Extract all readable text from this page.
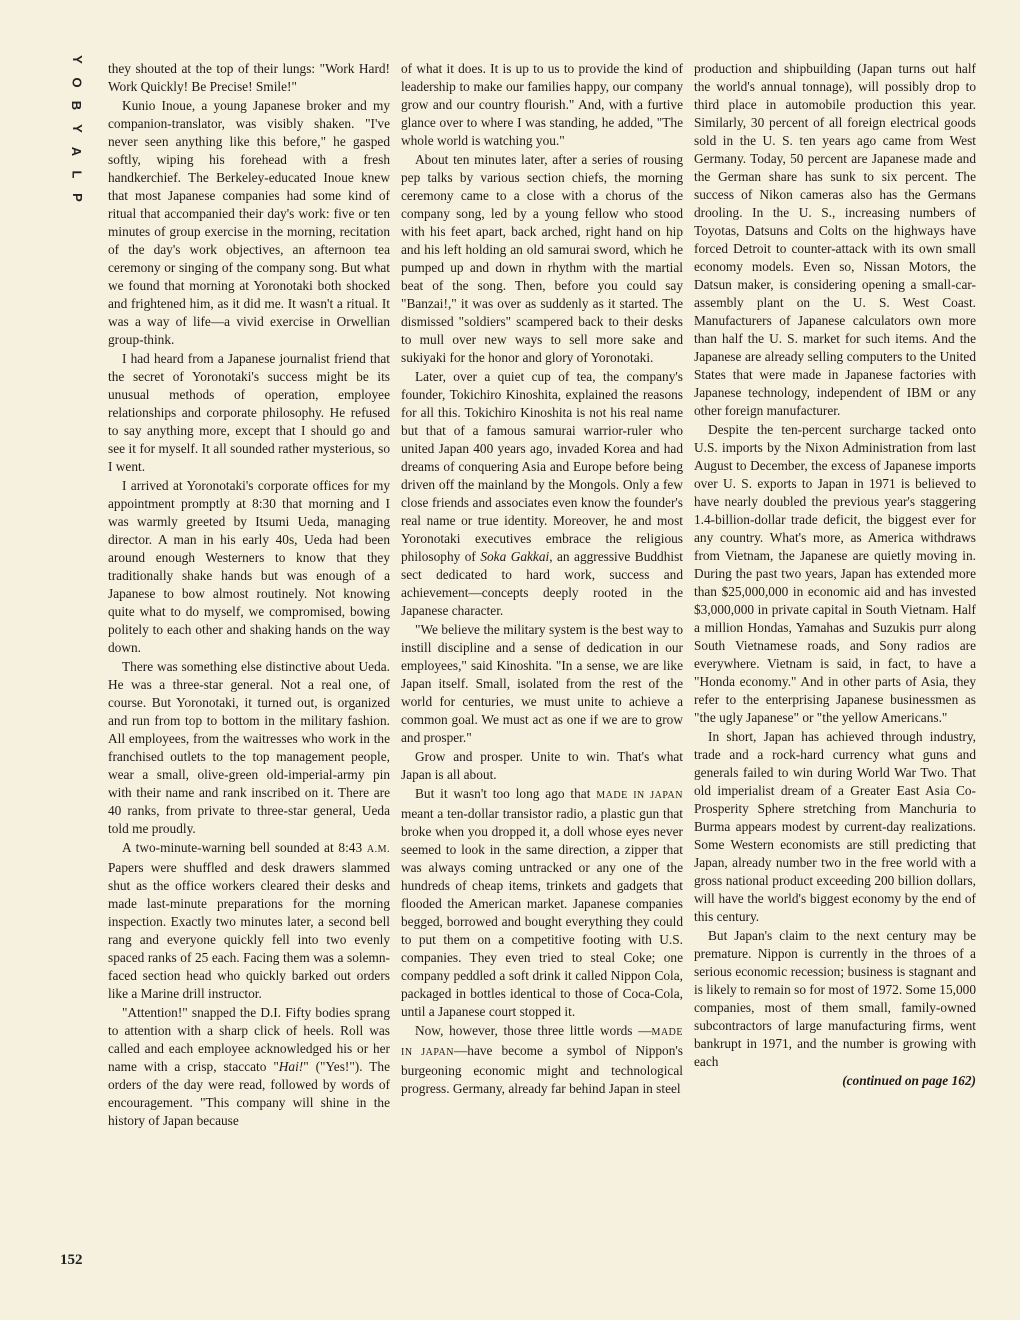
Y
O
B
Y
A
L
P
152

they shouted at the top of their lungs: "Work Hard! Work Quickly! Be Precise! Smile!"

Kunio Inoue, a young Japanese broker and my companion-translator, was visibly shaken. "I've never seen anything like this before," he gasped softly, wiping his forehead with a fresh handkerchief. The Berkeley-educated Inoue knew that most Japanese companies had some kind of ritual that accompanied their day's work: five or ten minutes of group exercise in the morning, recitation of the day's work objectives, an afternoon tea ceremony or singing of the company song. But what we found that morning at Yoronotaki both shocked and frightened him, as it did me. It wasn't a ritual. It was a way of life—a vivid exercise in Orwellian group-think.

I had heard from a Japanese journalist friend that the secret of Yoronotaki's success might be its unusual methods of operation, employee relationships and corporate philosophy. He refused to say anything more, except that I should go and see it for myself. It all sounded rather mysterious, so I went.

I arrived at Yoronotaki's corporate offices for my appointment promptly at 8:30 that morning and I was warmly greeted by Itsumi Ueda, managing director. A man in his early 40s, Ueda had been around enough Westerners to know that they traditionally shake hands but was enough of a Japanese to bow almost routinely. Not knowing quite what to do myself, we compromised, bowing politely to each other and shaking hands on the way down.

There was something else distinctive about Ueda. He was a three-star general. Not a real one, of course. But Yoronotaki, it turned out, is organized and run from top to bottom in the military fashion. All employees, from the waitresses who work in the franchised outlets to the top management people, wear a small, olive-green old-imperial-army pin with their name and rank inscribed on it. There are 40 ranks, from private to three-star general, Ueda told me proudly.

A two-minute-warning bell sounded at 8:43 A.M. Papers were shuffled and desk drawers slammed shut as the office workers cleared their desks and made last-minute preparations for the morning inspection. Exactly two minutes later, a second bell rang and everyone quickly fell into two evenly spaced ranks of 25 each. Facing them was a solemn-faced section head who quickly barked out orders like a Marine drill instructor.

"Attention!" snapped the D.I. Fifty bodies sprang to attention with a sharp click of heels. Roll was called and each employee acknowledged his or her name with a crisp, staccato "Hai!" ("Yes!"). The orders of the day were read, followed by words of encouragement. "This company will shine in the history of Japan because

of what it does. It is up to us to provide the kind of leadership to make our families happy, our company grow and our country flourish." And, with a furtive glance over to where I was standing, he added, "The whole world is watching you."

About ten minutes later, after a series of rousing pep talks by various section chiefs, the morning ceremony came to a close with a chorus of the company song, led by a young fellow who stood with his feet apart, back arched, right hand on hip and his left holding an old samurai sword, which he pumped up and down in rhythm with the martial beat of the song. Then, before you could say "Banzai!," it was over as suddenly as it started. The dismissed "soldiers" scampered back to their desks to mull over new ways to sell more sake and sukiyaki for the honor and glory of Yoronotaki.

Later, over a quiet cup of tea, the company's founder, Tokichiro Kinoshita, explained the reasons for all this. Tokichiro Kinoshita is not his real name but that of a famous samurai warrior-ruler who united Japan 400 years ago, invaded Korea and had dreams of conquering Asia and Europe before being driven off the mainland by the Mongols. Only a few close friends and associates even know the founder's real name or true identity. Moreover, he and most Yoronotaki executives embrace the religious philosophy of Soka Gakkai, an aggressive Buddhist sect dedicated to hard work, success and achievement—concepts deeply rooted in the Japanese character.

"We believe the military system is the best way to instill discipline and a sense of dedication in our employees," said Kinoshita. "In a sense, we are like Japan itself. Small, isolated from the rest of the world for centuries, we must unite to achieve a common goal. We must act as one if we are to grow and prosper."

Grow and prosper. Unite to win. That's what Japan is all about.

But it wasn't too long ago that MADE IN JAPAN meant a ten-dollar transistor radio, a plastic gun that broke when you dropped it, a doll whose eyes never seemed to look in the same direction, a zipper that was always coming untracked or any one of the hundreds of cheap items, trinkets and gadgets that flooded the American market. Japanese companies begged, borrowed and bought everything they could to put them on a competitive footing with U.S. companies. They even tried to steal Coke; one company peddled a soft drink it called Nippon Cola, packaged in bottles identical to those of Coca-Cola, until a Japanese court stopped it.

Now, however, those three little words —MADE IN JAPAN—have become a symbol of Nippon's burgeoning economic might and technological progress. Germany, already far behind Japan in steel

production and shipbuilding (Japan turns out half the world's annual tonnage), will possibly drop to third place in automobile production this year. Similarly, 30 percent of all foreign electrical goods sold in the U. S. ten years ago came from West Germany. Today, 50 percent are Japanese made and the German share has sunk to six percent. The success of Nikon cameras also has the Germans drooling. In the U. S., increasing numbers of Toyotas, Datsuns and Colts on the highways have forced Detroit to counter-attack with its own small economy models. Even so, Nissan Motors, the Datsun maker, is considering opening a small-car-assembly plant on the U. S. West Coast. Manufacturers of Japanese calculators own more than half the U. S. market for such items. And the Japanese are already selling computers to the United States that were made in Japanese factories with Japanese technology, independent of IBM or any other foreign manufacturer.

Despite the ten-percent surcharge tacked onto U.S. imports by the Nixon Administration from last August to December, the excess of Japanese imports over U. S. exports to Japan in 1971 is believed to have nearly doubled the previous year's staggering 1.4-billion-dollar trade deficit, the biggest ever for any country. What's more, as America withdraws from Vietnam, the Japanese are quietly moving in. During the past two years, Japan has extended more than $25,000,000 in economic aid and has invested $3,000,000 in private capital in South Vietnam. Half a million Hondas, Yamahas and Suzukis purr along South Vietnamese roads, and Sony radios are everywhere. Vietnam is said, in fact, to have a "Honda economy." And in other parts of Asia, they refer to the enterprising Japanese businessmen as "the ugly Japanese" or "the yellow Americans."

In short, Japan has achieved through industry, trade and a rock-hard currency what guns and generals failed to win during World War Two. That old imperialist dream of a Greater East Asia Co-Prosperity Sphere stretching from Manchuria to Burma appears modest by current-day realizations. Some Western economists are still predicting that Japan, already number two in the free world with a gross national product exceeding 200 billion dollars, will have the world's biggest economy by the end of this century.

But Japan's claim to the next century may be premature. Nippon is currently in the throes of a serious economic recession; business is stagnant and is likely to remain so for most of 1972. Some 15,000 companies, most of them small, family-owned subcontractors of large manufacturing firms, went bankrupt in 1971, and the number is growing with each

(continued on page 162)
